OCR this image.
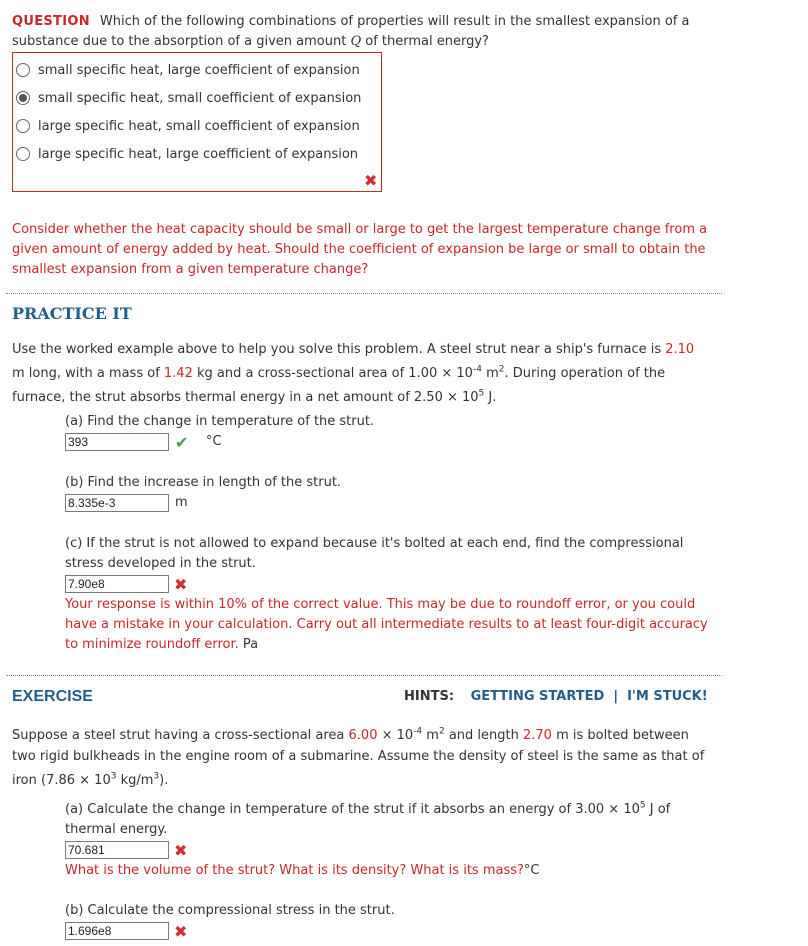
QUESTION Which of the following combinations of properties will result in the smallest expansion of a
substance due to the absorption of a given amount Q of thermal energy?
small specific heat, large coefficient of expansion
small specific heat, small coefficient of expansion
large specific heat, small coefficient of expansion
large specific heat, large coefficient of expansion
✖
Consider whether the heat capacity should be small or large to get the largest temperature change from a
given amount of energy added by heat. Should the coefficient of expansion be large or small to obtain the
smallest expansion from a given temperature change?
PRACTICE IT
Use the worked example above to help you solve this problem. A steel strut near a ship's furnace is 2.10
m long, with a mass of 1.42 kg and a cross-sectional area of $1.00 \times 10^{-4}$ $m^2$. During operation of the
furnace, the strut absorbs thermal energy in a net amount of $2.50 \times 10^5$ J.
(a) Find the change in temperature of the strut.
393	✔ °C
(b) Find the increase in length of the strut.
8.335e-3	m
(c) If the strut is not allowed to expand because it's bolted at each end, find the compressional
stress developed in the strut.
7.90e8	✖
Your response is within 10% of the correct value. This may be due to roundoff error, or you could
have a mistake in your calculation. Carry out all intermediate results to at least four-digit accuracy
to minimize roundoff error. Pa
EXERCISE	HINTS: GETTING STARTED | I'M STUCK!
Suppose a steel strut having a cross-sectional area $6.00 \times 10^{-4}$ $m^2$ and length 2.70 m is bolted between
two rigid bulkheads in the engine room of a submarine. Assume the density of steel is the same as that of
iron ($7.86 \times 10^3$ $kg/m^3$).
(a) Calculate the change in temperature of the strut if it absorbs an energy of $3.00 \times 10^5$ J of
thermal energy.
70.681	✖
What is the volume of the strut? What is its density? What is its mass?°C
(b) Calculate the compressional stress in the strut.
1.696e8	✖
